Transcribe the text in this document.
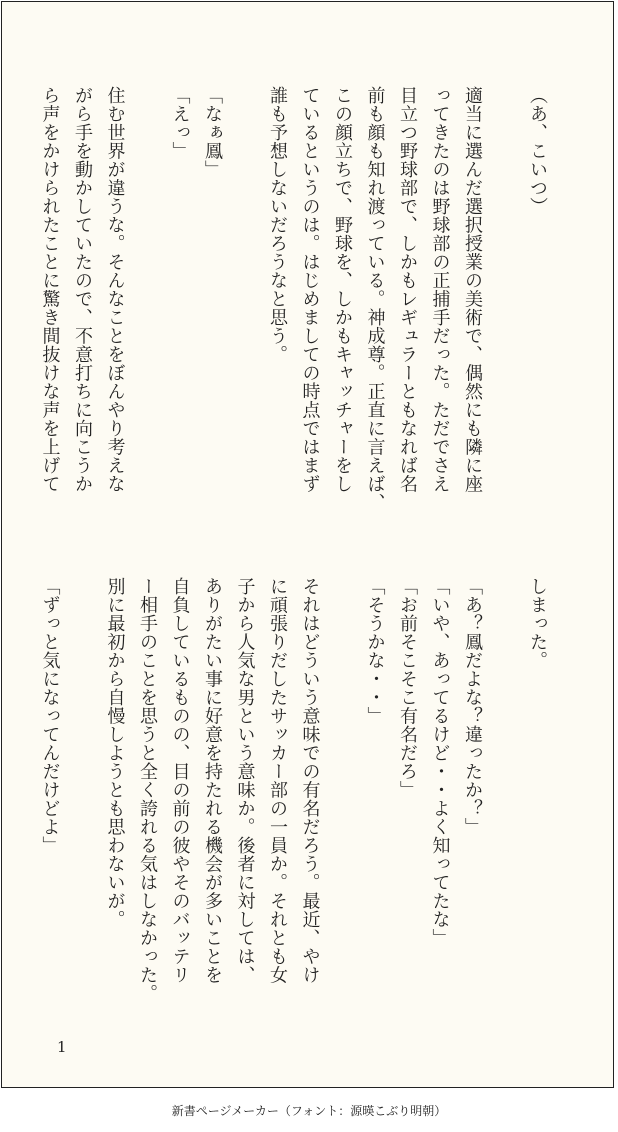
（あ、こいつ）

適当に選んだ選択授業の美術で、偶然にも隣に座

ってきたのは野球部の正捕手だった。ただでさえ

目立つ野球部で、しかもレギュラーともなれば名

前も顔も知れ渡っている。神成尊。正直に言えば、

この顔立ちで、野球を、しかもキャッチャーをし

ているというのは。はじめましての時点ではまず

誰も予想しないだろうなと思う。

「なぁ鳳」

「えっ」

住む世界が違うな。そんなことをぼんやり考えな

がら手を動かしていたので、不意打ちに向こうか

ら声をかけられたことに驚き間抜けな声を上げて

しまった。

「あ？鳳だよな？違ったか？」

「いや、あってるけど・・よく知ってたな」

「お前そこそこ有名だろ」

「そうかな・・」

それはどういう意味での有名だろう。最近、やけ

に頑張りだしたサッカー部の一員か。それとも女

子から人気な男という意味か。後者に対しては、

ありがたい事に好意を持たれる機会が多いことを

自負しているものの、目の前の彼やそのバッテリ

ー相手のことを思うと全く誇れる気はしなかった。

別に最初から自慢しようとも思わないが。

「ずっと気になってんだけどよ」

1
新書ページメーカー（フォント：源暎こぶり明朝）
